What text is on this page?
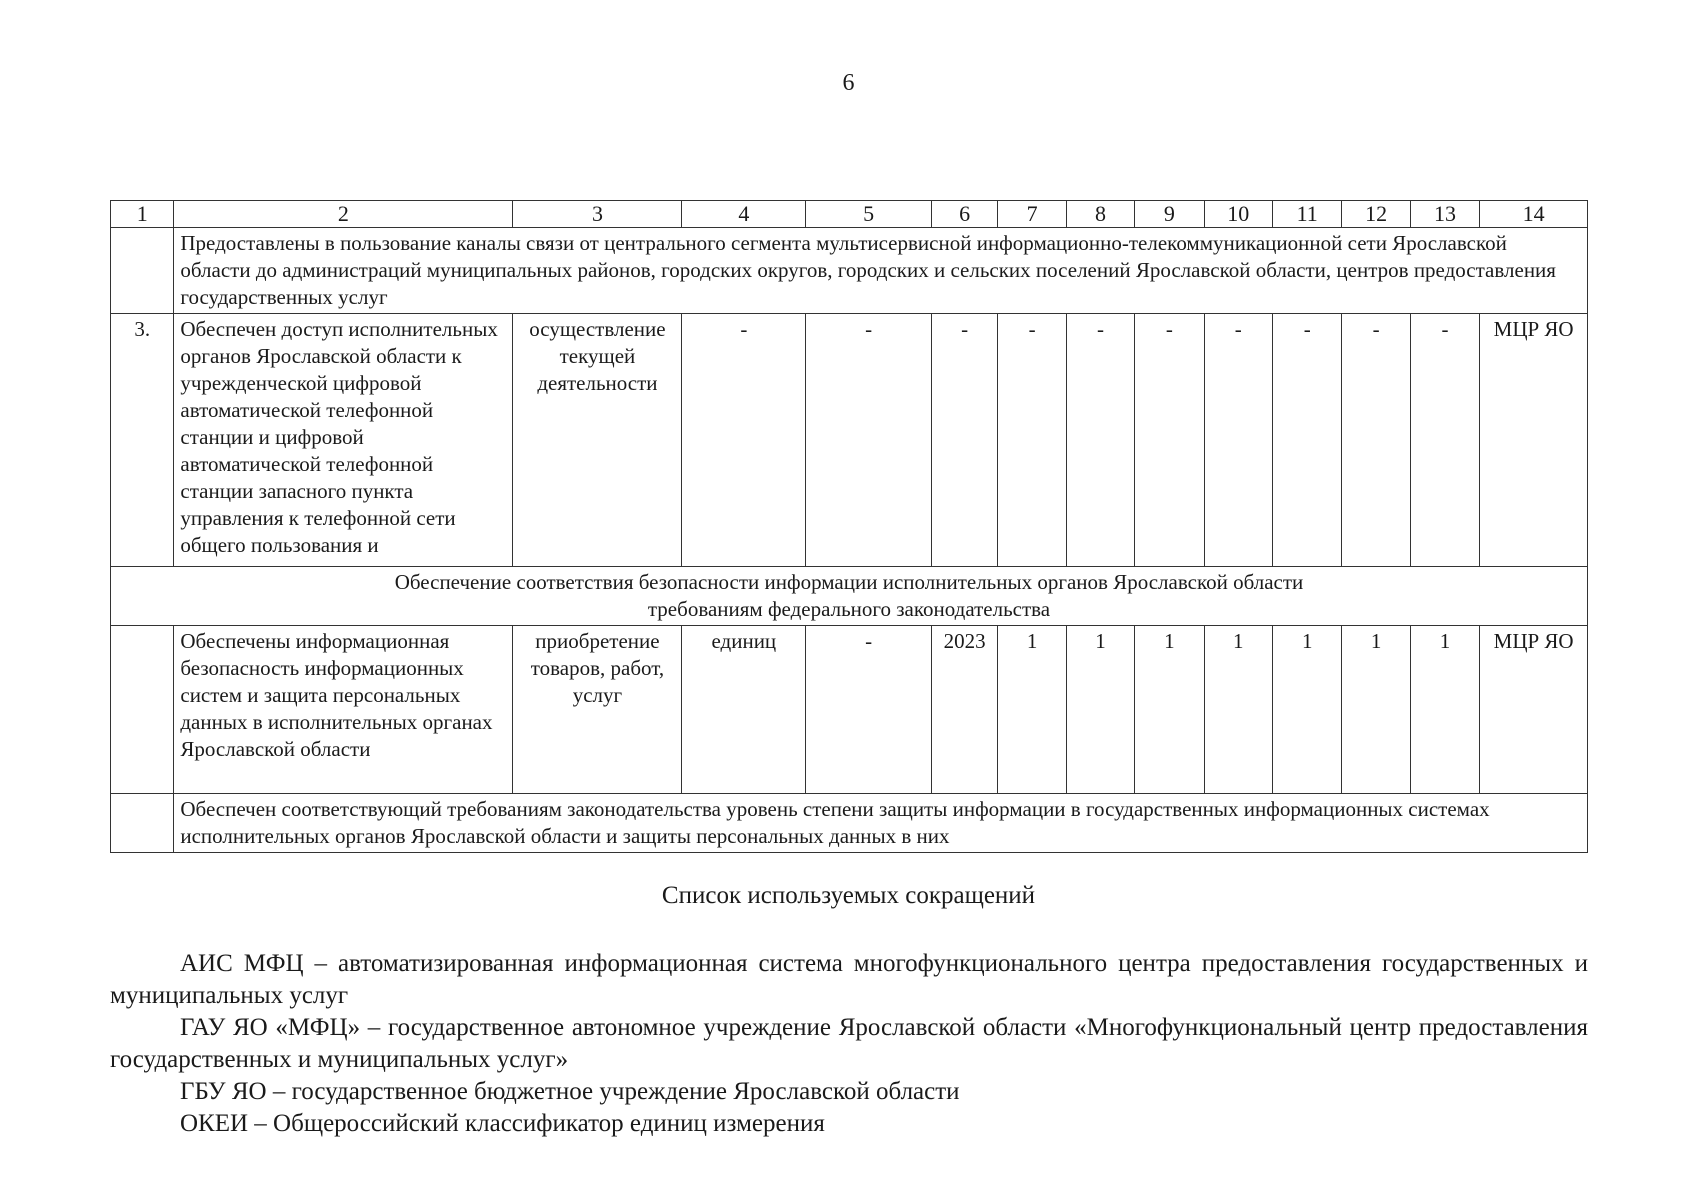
6
1	2	3	4	5	6	7	8	9	10	11	12	13	14
	Предоставлены в пользование каналы связи от центрального сегмента мультисервисной информационно-телекоммуникационной сети Ярославской области до администраций муниципальных районов, городских округов, городских и сельских поселений Ярославской области, центров предоставления государственных услуг												
3.	Обеспечен доступ исполнительных органов Ярославской области к учрежденческой цифровой автоматической телефонной станции и цифровой автоматической телефонной станции запасного пункта управления к телефонной сети общего пользования и	осуществление текущей деятельности	-	-	-	-	-	-	-	-	-	-	МЦР ЯО

Обеспечение соответствия безопасности информации исполнительных органов Ярославской области
требованиям федерального законодательства													

	Обеспечены информационная безопасность информационных систем и защита персональных данных в исполнительных органах Ярославской области	приобретение товаров, работ, услуг	единиц	-	2023	1	1	1	1	1	1	1	МЦР ЯО
	Обеспечен соответствующий требованиям законодательства уровень степени защиты информации в государственных информационных системах исполнительных органов Ярославской области и защиты персональных данных в них												
Список используемых сокращений

АИС МФЦ – автоматизированная информационная система многофункционального центра предоставления государственных и муниципальных услуг

ГАУ ЯО «МФЦ» – государственное автономное учреждение Ярославской области «Многофункциональный центр предоставления государственных и муниципальных услуг»

ГБУ ЯО – государственное бюджетное учреждение Ярославской области

ОКЕИ – Общероссийский классификатор единиц измерения
